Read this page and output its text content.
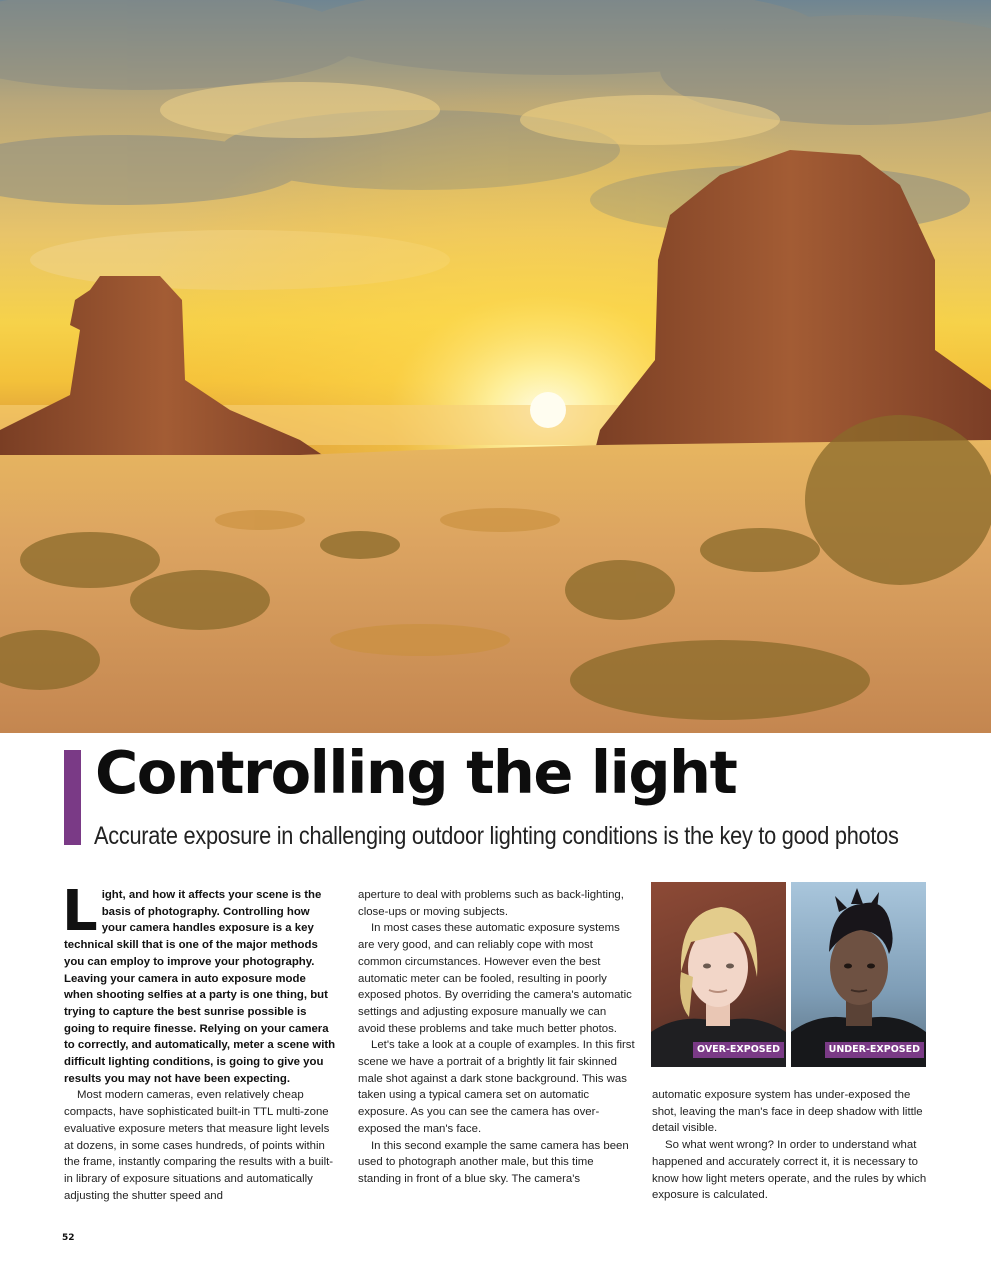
Controlling the light

Accurate exposure in challenging outdoor lighting conditions is the key to good photos

Light, and how it affects your scene is the basis of photography. Controlling how your camera handles exposure is a key technical skill that is one of the major methods you can employ to improve your photography. Leaving your camera in auto exposure mode when shooting selfies at a party is one thing, but trying to capture the best sunrise possible is going to require finesse. Relying on your camera to correctly, and automatically, meter a scene with difficult lighting conditions, is going to give you results you may not have been expecting.

Most modern cameras, even relatively cheap compacts, have sophisticated built-in TTL multi-zone evaluative exposure meters that measure light levels at dozens, in some cases hundreds, of points within the frame, instantly comparing the results with a built-in library of exposure situations and automatically adjusting the shutter speed and

aperture to deal with problems such as back-lighting, close-ups or moving subjects.

In most cases these automatic exposure systems are very good, and can reliably cope with most common circumstances. However even the best automatic meter can be fooled, resulting in poorly exposed photos. By overriding the camera's automatic settings and adjusting exposure manually we can avoid these problems and take much better photos.

Let's take a look at a couple of examples. In this first scene we have a portrait of a brightly lit fair skinned male shot against a dark stone background. This was taken using a typical camera set on automatic exposure. As you can see the camera has over-exposed the man's face.

In this second example the same camera has been used to photograph another male, but this time standing in front of a blue sky. The camera's

OVER-EXPOSED	UNDER-EXPOSED

automatic exposure system has under-exposed the shot, leaving the man's face in deep shadow with little detail visible.

So what went wrong? In order to understand what happened and accurately correct it, it is necessary to know how light meters operate, and the rules by which exposure is calculated.

52
